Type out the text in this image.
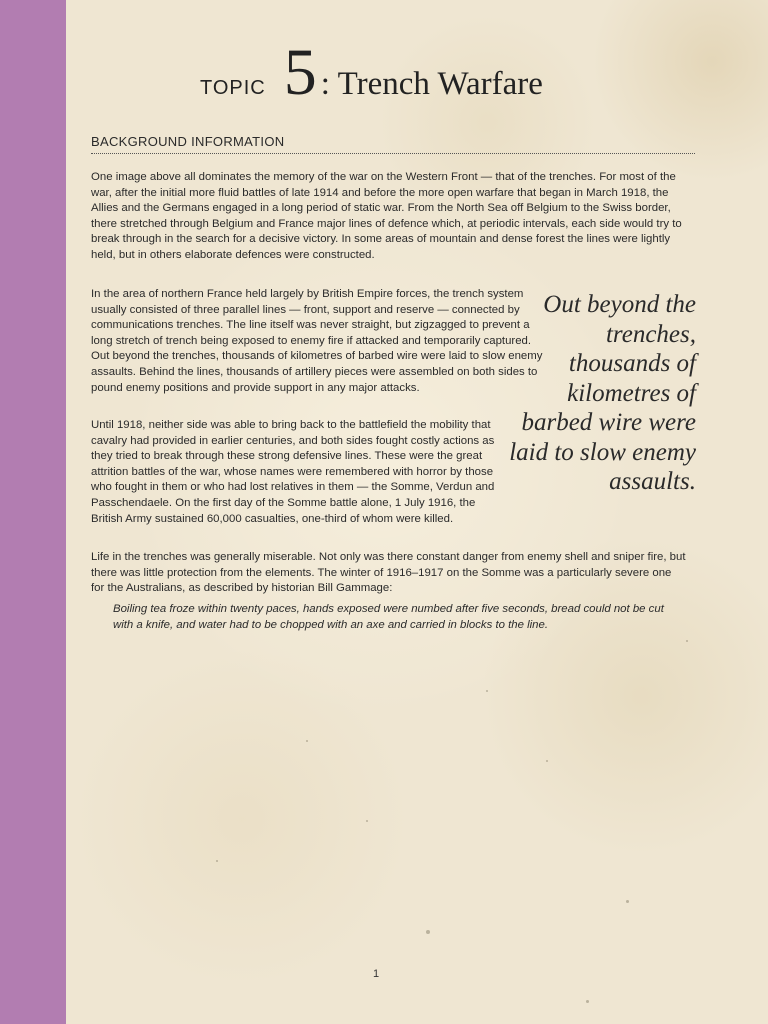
TOPIC 5 : Trench Warfare
BACKGROUND INFORMATION

One image above all dominates the memory of the war on the Western Front — that of the trenches. For most of the war, after the initial more fluid battles of late 1914 and before the more open warfare that began in March 1918, the Allies and the Germans engaged in a long period of static war. From the North Sea off Belgium to the Swiss border, there stretched through Belgium and France major lines of defence which, at periodic intervals, each side would try to break through in the search for a decisive victory. In some areas of mountain and dense forest the lines were lightly held, but in others elaborate defences were constructed.

In the area of northern France held largely by British Empire forces, the trench system usually consisted of three parallel lines — front, support and reserve — connected by communications trenches. The line itself was never straight, but zigzagged to prevent a long stretch of trench being exposed to enemy fire if attacked and temporarily captured. Out beyond the trenches, thousands of kilometres of barbed wire were laid to slow enemy assaults. Behind the lines, thousands of artillery pieces were assembled on both sides to pound enemy positions and provide support in any major attacks.

Until 1918, neither side was able to bring back to the battlefield the mobility that cavalry had provided in earlier centuries, and both sides fought costly actions as they tried to break through these strong defensive lines. These were the great attrition battles of the war, whose names were remembered with horror by those who fought in them or who had lost relatives in them — the Somme, Verdun and Passchendaele. On the first day of the Somme battle alone, 1 July 1916, the British Army sustained 60,000 casualties, one-third of whom were killed.

Life in the trenches was generally miserable. Not only was there constant danger from enemy shell and sniper fire, but there was little protection from the elements. The winter of 1916–1917 on the Somme was a particularly severe one for the Australians, as described by historian Bill Gammage:

Boiling tea froze within twenty paces, hands exposed were numbed after five seconds, bread could not be cut with a knife, and water had to be chopped with an axe and carried in blocks to the line.

Out beyond the trenches, thousands of kilometres of barbed wire were laid to slow enemy assaults.
1
